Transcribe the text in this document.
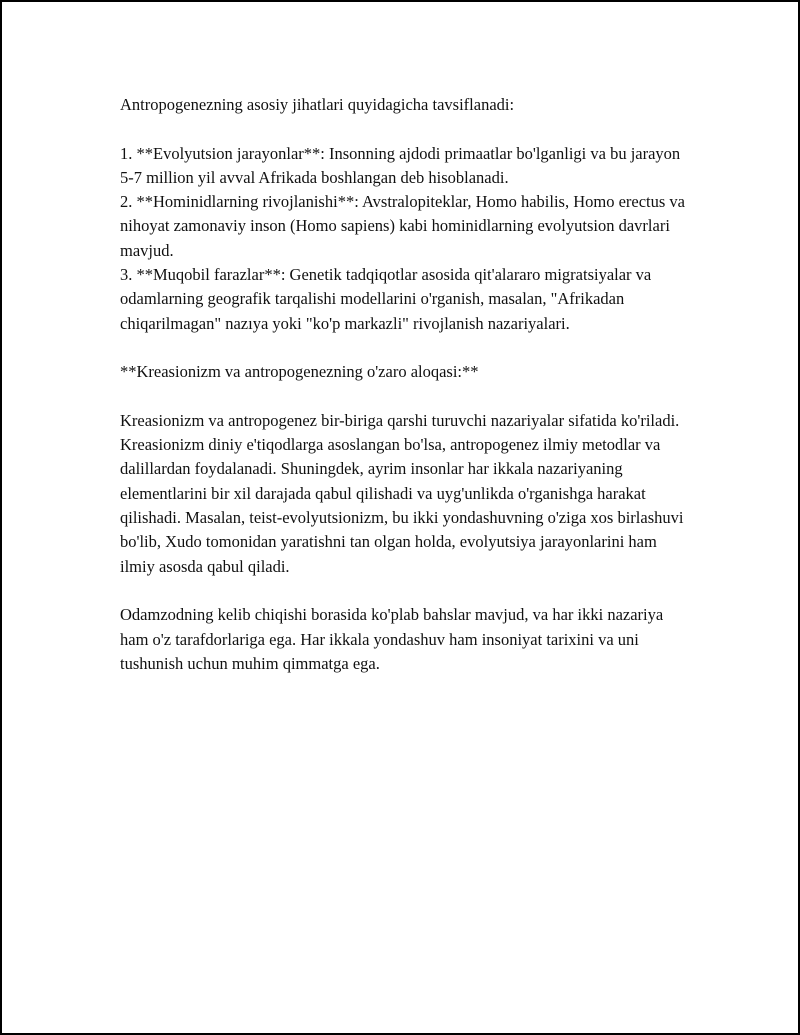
Antropogenezning asosiy jihatlari quyidagicha tavsiflanadi:

1. **Evolyutsion jarayonlar**: Insonning ajdodi primaatlar bo'lganligi va bu jarayon 5-7 million yil avval Afrikada boshlangan deb hisoblanadi.

2. **Hominidlarning rivojlanishi**: Avstralopiteklar, Homo habilis, Homo erectus va nihoyat zamonaviy inson (Homo sapiens) kabi hominidlarning evolyutsion davrlari mavjud.

3. **Muqobil farazlar**: Genetik tadqiqotlar asosida qit'alararo migratsiyalar va odamlarning geografik tarqalishi modellarini o'rganish, masalan, "Afrikadan chiqarilmagan" nazıya yoki "ko'p markazli" rivojlanish nazariyalari.

**Kreasionizm va antropogenezning o'zaro aloqasi:**

Kreasionizm va antropogenez bir-biriga qarshi turuvchi nazariyalar sifatida ko'riladi. Kreasionizm diniy e'tiqodlarga asoslangan bo'lsa, antropogenez ilmiy metodlar va dalillardan foydalanadi. Shuningdek, ayrim insonlar har ikkala nazariyaning elementlarini bir xil darajada qabul qilishadi va uyg'unlikda o'rganishga harakat qilishadi. Masalan, teist-evolyutsionizm, bu ikki yondashuvning o'ziga xos birlashuvi bo'lib, Xudo tomonidan yaratishni tan olgan holda, evolyutsiya jarayonlarini ham ilmiy asosda qabul qiladi.

Odamzodning kelib chiqishi borasida ko'plab bahslar mavjud, va har ikki nazariya ham o'z tarafdorlariga ega. Har ikkala yondashuv ham insoniyat tarixini va uni tushunish uchun muhim qimmatga ega.
